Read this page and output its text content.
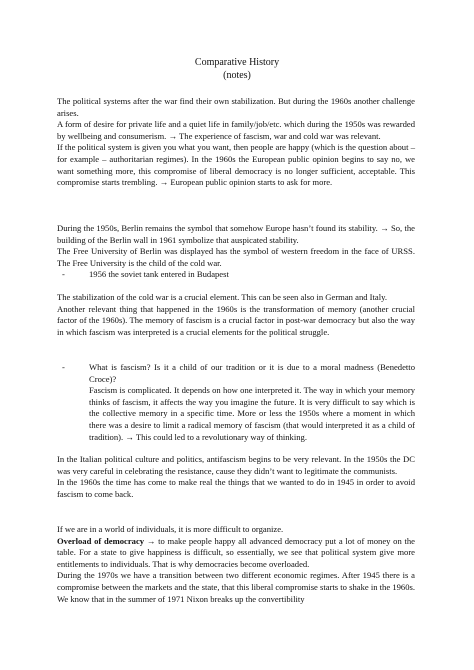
Comparative History
(notes)

The political systems after the war find their own stabilization. But during the 1960s another challenge arises.

A form of desire for private life and a quiet life in family/job/etc. which during the 1950s was rewarded by wellbeing and consumerism. → The experience of fascism, war and cold war was relevant.

If the political system is given you what you want, then people are happy (which is the question about – for example – authoritarian regimes). In the 1960s the European public opinion begins to say no, we want something more, this compromise of liberal democracy is no longer sufficient, acceptable. This compromise starts trembling. → European public opinion starts to ask for more.

During the 1950s, Berlin remains the symbol that somehow Europe hasn’t found its stability. → So, the building of the Berlin wall in 1961 symbolize that auspicated stability.

The Free University of Berlin was displayed has the symbol of western freedom in the face of URSS. The Free University is the child of the cold war.

-	1956 the soviet tank entered in Budapest

The stabilization of the cold war is a crucial element. This can be seen also in German and Italy.

Another relevant thing that happened in the 1960s is the transformation of memory (another crucial factor of the 1960s). The memory of fascism is a crucial factor in post-war democracy but also the way in which fascism was interpreted is a crucial elements for the political struggle.

-	What is fascism? Is it a child of our tradition or it is due to a moral madness (Benedetto Croce)?

Fascism is complicated. It depends on how one interpreted it. The way in which your memory thinks of fascism, it affects the way you imagine the future. It is very difficult to say which is the collective memory in a specific time. More or less the 1950s where a moment in which there was a desire to limit a radical memory of fascism (that would interpreted it as a child of tradition). → This could led to a revolutionary way of thinking.

In the Italian political culture and politics, antifascism begins to be very relevant. In the 1950s the DC was very careful in celebrating the resistance, cause they didn’t want to legitimate the communists.

In the 1960s the time has come to make real the things that we wanted to do in 1945 in order to avoid fascism to come back.

If we are in a world of individuals, it is more difficult to organize.

Overload of democracy → to make people happy all advanced democracy put a lot of money on the table. For a state to give happiness is difficult, so essentially, we see that political system give more entitlements to individuals. That is why democracies become overloaded.

During the 1970s we have a transition between two different economic regimes. After 1945 there is a compromise between the markets and the state, that this liberal compromise starts to shake in the 1960s. We know that in the summer of 1971 Nixon breaks up the convertibility
